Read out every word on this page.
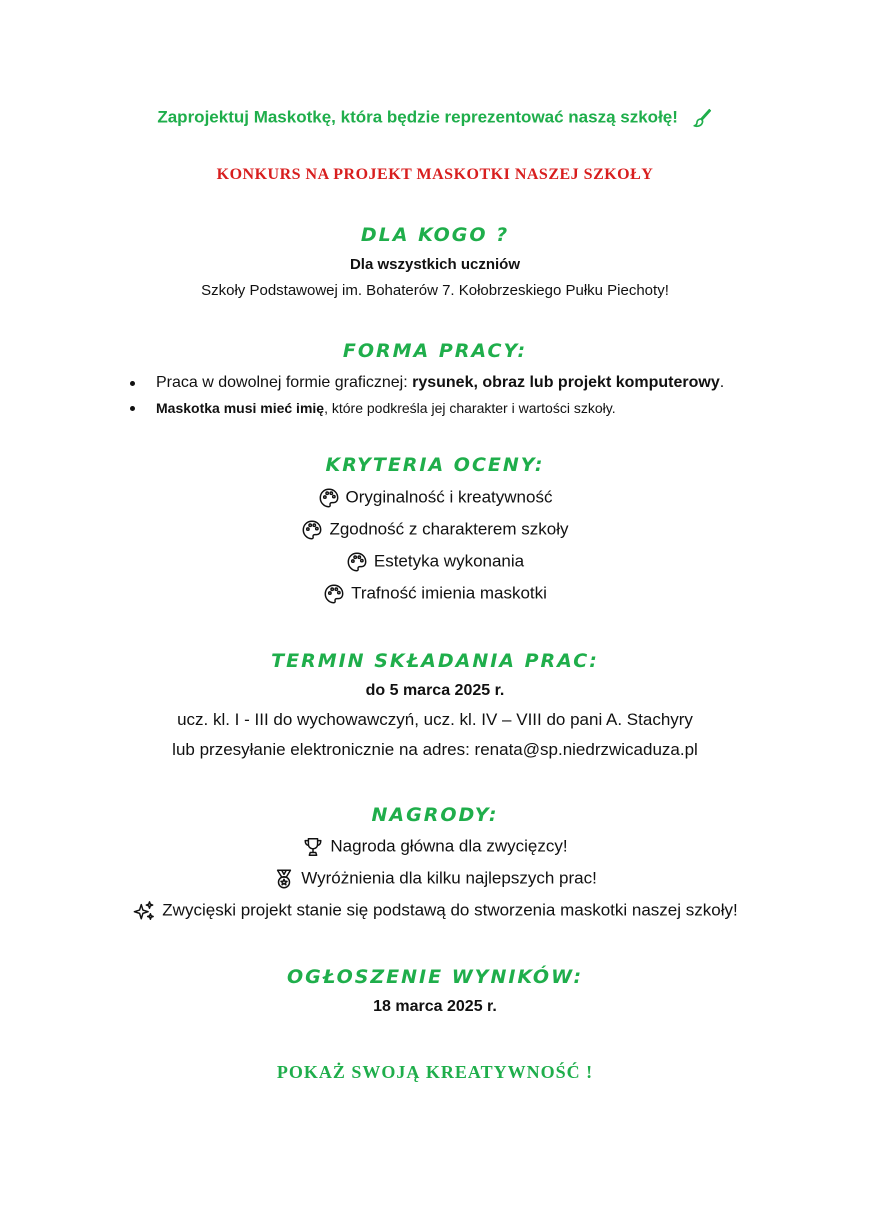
Zaprojektuj Maskotkę, która będzie reprezentować naszą szkołę!
KONKURS NA PROJEKT MASKOTKI NASZEJ SZKOŁY
DLA KOGO ?
Dla wszystkich uczniów
Szkoły Podstawowej im. Bohaterów 7. Kołobrzeskiego Pułku Piechoty!
FORMA PRACY:
Praca w dowolnej formie graficznej: rysunek, obraz lub projekt komputerowy.
Maskotka musi mieć imię, które podkreśla jej charakter i wartości szkoły.
KRYTERIA OCENY:
Oryginalność i kreatywność
Zgodność z charakterem szkoły
Estetyka wykonania
Trafność imienia maskotki
TERMIN SKŁADANIA PRAC:
do 5 marca 2025 r.
ucz. kl. I - III do wychowawczyń, ucz. kl. IV – VIII do pani A. Stachyry
lub przesyłanie elektronicznie na adres: renata@sp.niedrzwicaduza.pl
NAGRODY:
Nagroda główna dla zwycięzcy!
Wyróżnienia dla kilku najlepszych prac!
Zwycięski projekt stanie się podstawą do stworzenia maskotki naszej szkoły!
OGŁOSZENIE WYNIKÓW:
18 marca 2025 r.
POKAŻ SWOJĄ KREATYWNOŚĆ !
